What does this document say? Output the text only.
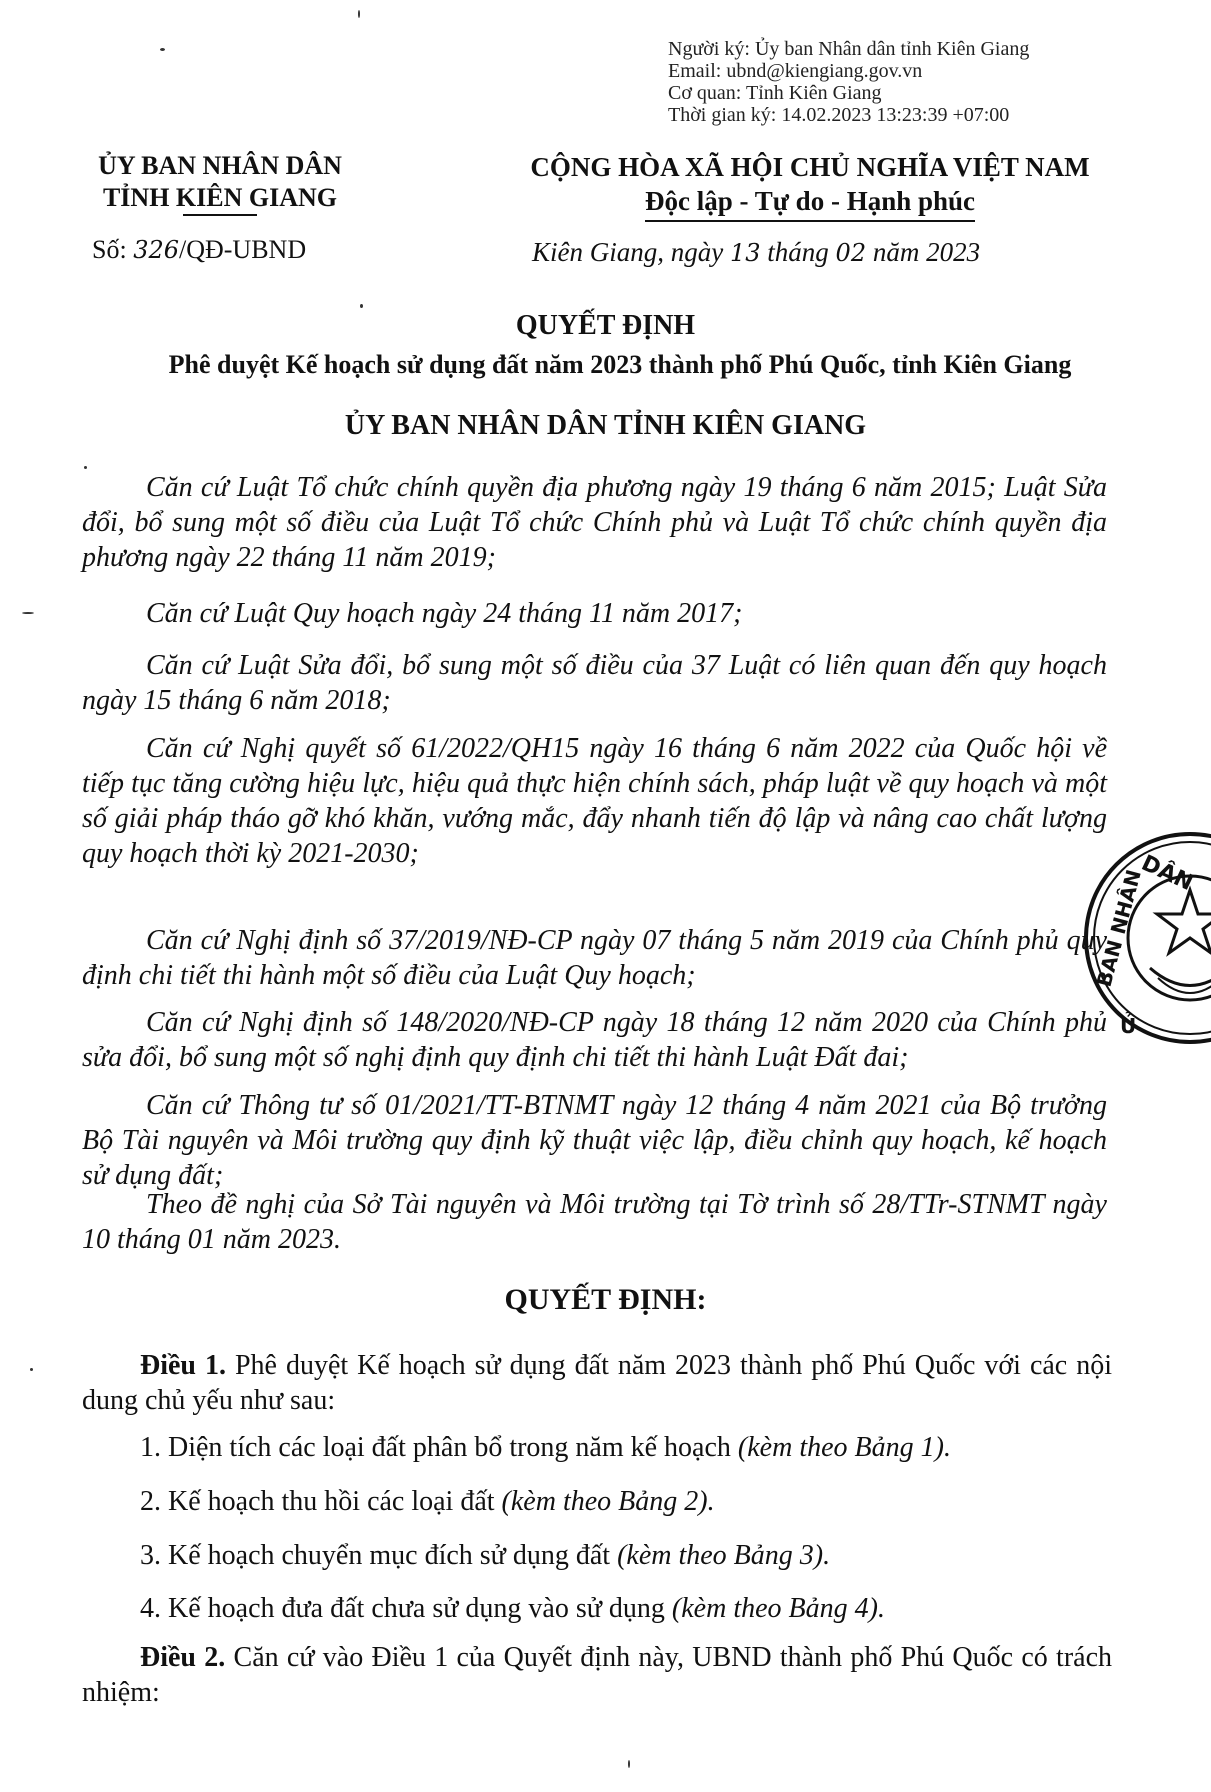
Người ký: Ủy ban Nhân dân tỉnh Kiên Giang
Email: ubnd@kiengiang.gov.vn
Cơ quan: Tỉnh Kiên Giang
Thời gian ký: 14.02.2023 13:23:39 +07:00
ỦY BAN NHÂN DÂN
TỈNH KIÊN GIANG
Số: 326/QĐ-UBND
CỘNG HÒA XÃ HỘI CHỦ NGHĨA VIỆT NAM
Độc lập - Tự do - Hạnh phúc
Kiên Giang, ngày 13 tháng 02 năm 2023
QUYẾT ĐỊNH
Phê duyệt Kế hoạch sử dụng đất năm 2023 thành phố Phú Quốc, tỉnh Kiên Giang
ỦY BAN NHÂN DÂN TỈNH KIÊN GIANG

Căn cứ Luật Tổ chức chính quyền địa phương ngày 19 tháng 6 năm 2015; Luật Sửa đổi, bổ sung một số điều của Luật Tổ chức Chính phủ và Luật Tổ chức chính quyền địa phương ngày 22 tháng 11 năm 2019;

Căn cứ Luật Quy hoạch ngày 24 tháng 11 năm 2017;

Căn cứ Luật Sửa đổi, bổ sung một số điều của 37 Luật có liên quan đến quy hoạch ngày 15 tháng 6 năm 2018;

Căn cứ Nghị quyết số 61/2022/QH15 ngày 16 tháng 6 năm 2022 của Quốc hội về tiếp tục tăng cường hiệu lực, hiệu quả thực hiện chính sách, pháp luật về quy hoạch và một số giải pháp tháo gỡ khó khăn, vướng mắc, đẩy nhanh tiến độ lập và nâng cao chất lượng quy hoạch thời kỳ 2021-2030;

Căn cứ Nghị định số 37/2019/NĐ-CP ngày 07 tháng 5 năm 2019 của Chính phủ quy định chi tiết thi hành một số điều của Luật Quy hoạch;

Căn cứ Nghị định số 148/2020/NĐ-CP ngày 18 tháng 12 năm 2020 của Chính phủ sửa đổi, bổ sung một số nghị định quy định chi tiết thi hành Luật Đất đai;

Căn cứ Thông tư số 01/2021/TT-BTNMT ngày 12 tháng 4 năm 2021 của Bộ trưởng Bộ Tài nguyên và Môi trường quy định kỹ thuật việc lập, điều chỉnh quy hoạch, kế hoạch sử dụng đất;

Theo đề nghị của Sở Tài nguyên và Môi trường tại Tờ trình số 28/TTr-STNMT ngày 10 tháng 01 năm 2023.

QUYẾT ĐỊNH:
Điều 1. Phê duyệt Kế hoạch sử dụng đất năm 2023 thành phố Phú Quốc với các nội dung chủ yếu như sau:
1. Diện tích các loại đất phân bổ trong năm kế hoạch (kèm theo Bảng 1).
2. Kế hoạch thu hồi các loại đất (kèm theo Bảng 2).
3. Kế hoạch chuyển mục đích sử dụng đất (kèm theo Bảng 3).
4. Kế hoạch đưa đất chưa sử dụng vào sử dụng (kèm theo Bảng 4).
Điều 2. Căn cứ vào Điều 1 của Quyết định này, UBND thành phố Phú Quốc có trách nhiệm:
DÂN
BAN NHÂN
Ủ
